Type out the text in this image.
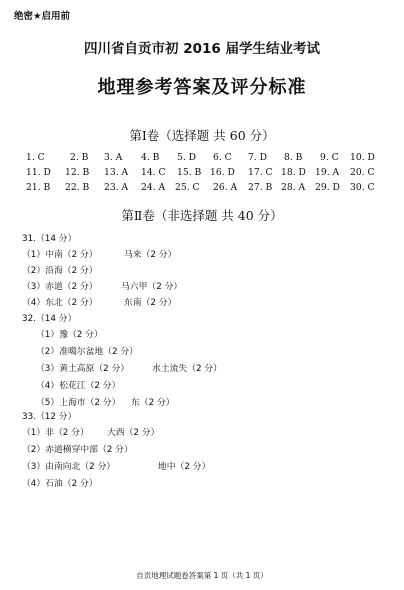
绝密★启用前
四川省自贡市初 2016 届学生结业考试
地理参考答案及评分标准
第Ⅰ卷（选择题 共 60 分）
1. C	2. B 3. A 4. B 5. D 6. C 7. D 8. B 9. C 10. D
11. D 12. B 13. A 14. C 15. B 16. D 17. C 18. D 19. A 20. C
21. B 22. B 23. A 24. A 25. C 26. A 27. B 28. A 29. D 30. C
第Ⅱ卷（非选择题 共 40 分）
31.（14 分）
（1）中南（2 分）	马来（2 分）
（2）沿海（2 分）
（3）赤道（2 分）	马六甲（2 分）
（4）东北（2 分）	东南（2 分）
32.（14 分）
（1）豫（2 分）
（2）准噶尔盆地（2 分）
（3）黄土高原（2 分）	水土流失（2 分）
（4）松花江（2 分）
（5）上海市（2 分） 东（2 分）
33.（12 分）
（1）非（2 分） 大西（2 分）
（2）赤道横穿中部（2 分）
（3）由南向北（2 分）	地中（2 分）
（4）石油（2 分）
自贡地理试题卷答案第 1 页（共 1 页）
